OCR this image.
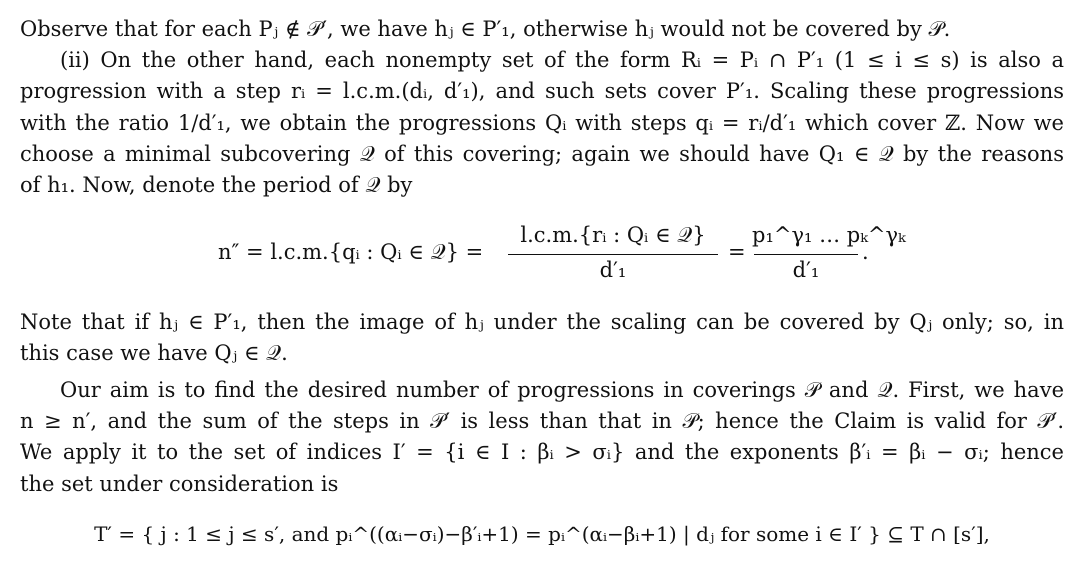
Observe that for each Pⱼ ∉ 𝒫′, we have hⱼ ∈ P′₁, otherwise hⱼ would not be covered by 𝒫.
(ii) On the other hand, each nonempty set of the form Rᵢ = Pᵢ ∩ P′₁ (1 ≤ i ≤ s) is also a
progression with a step rᵢ = l.c.m.(dᵢ, d′₁), and such sets cover P′₁. Scaling these progressions
with the ratio 1/d′₁, we obtain the progressions Qᵢ with steps qᵢ = rᵢ/d′₁ which cover ℤ. Now we
choose a minimal subcovering 𝒬 of this covering; again we should have Q₁ ∈ 𝒬 by the reasons
of h₁. Now, denote the period of 𝒬 by
n″ = l.c.m.{qᵢ : Qᵢ ∈ 𝒬} =
l.c.m.{rᵢ : Qᵢ ∈ 𝒬}
d′₁
=
p₁^γ₁ … pₖ^γₖ
d′₁
.
Note that if hⱼ ∈ P′₁, then the image of hⱼ under the scaling can be covered by Qⱼ only; so, in
this case we have Qⱼ ∈ 𝒬.
Our aim is to find the desired number of progressions in coverings 𝒫 and 𝒬. First, we have
n ≥ n′, and the sum of the steps in 𝒫′ is less than that in 𝒫; hence the Claim is valid for 𝒫′.
We apply it to the set of indices I′ = {i ∈ I : βᵢ > σᵢ} and the exponents β′ᵢ = βᵢ − σᵢ; hence
the set under consideration is
T′ = { j : 1 ≤ j ≤ s′, and pᵢ^((αᵢ−σᵢ)−β′ᵢ+1) = pᵢ^(αᵢ−βᵢ+1) | dⱼ for some i ∈ I′ } ⊆ T ∩ [s′],
